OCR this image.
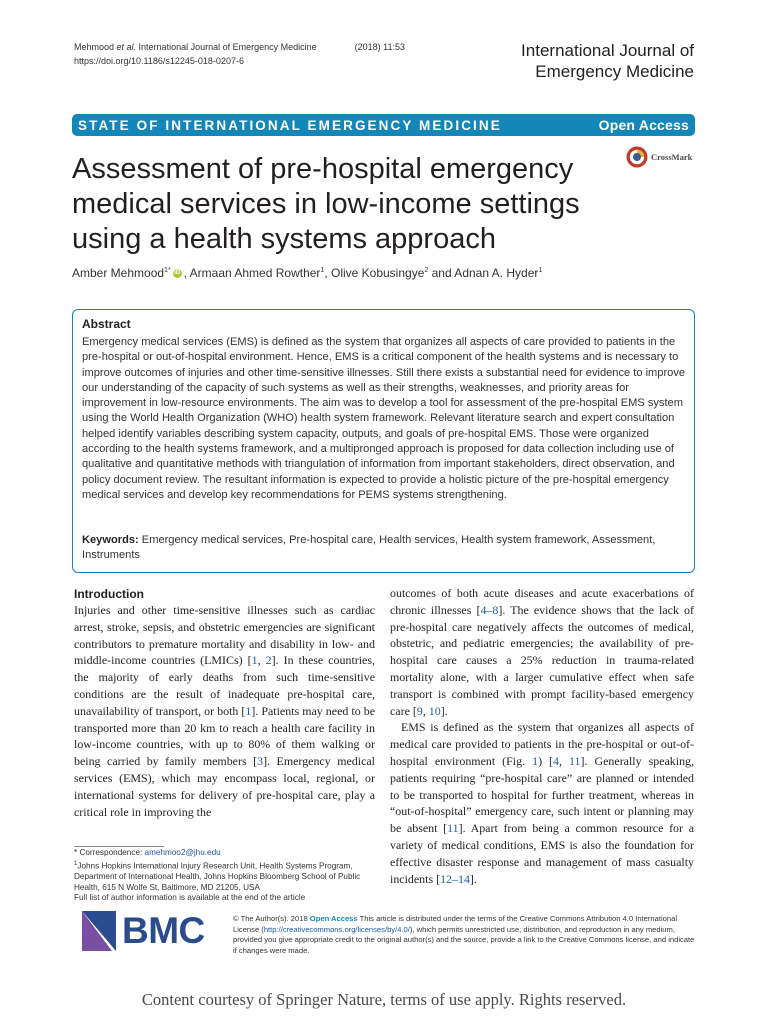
Mehmood et al. International Journal of Emergency Medicine	(2018) 11:53
https://doi.org/10.1186/s12245-018-0207-6
International Journal of
Emergency Medicine
STATE OF INTERNATIONAL EMERGENCY MEDICINE	Open Access
CrossMark
Assessment of pre-hospital emergency medical services in low-income settings using a health systems approach
Amber Mehmood$^{1*}$ iD , Armaan Ahmed Rowther$^1$, Olive Kobusingye$^2$ and Adnan A. Hyder$^1$
Abstract

Emergency medical services (EMS) is defined as the system that organizes all aspects of care provided to patients in the pre-hospital or out-of-hospital environment. Hence, EMS is a critical component of the health systems and is necessary to improve outcomes of injuries and other time-sensitive illnesses. Still there exists a substantial need for evidence to improve our understanding of the capacity of such systems as well as their strengths, weaknesses, and priority areas for improvement in low-resource environments. The aim was to develop a tool for assessment of the pre-hospital EMS system using the World Health Organization (WHO) health system framework. Relevant literature search and expert consultation helped identify variables describing system capacity, outputs, and goals of pre-hospital EMS. Those were organized according to the health systems framework, and a multipronged approach is proposed for data collection including use of qualitative and quantitative methods with triangulation of information from important stakeholders, direct observation, and policy document review. The resultant information is expected to provide a holistic picture of the pre-hospital emergency medical services and develop key recommendations for PEMS systems strengthening.

Keywords: Emergency medical services, Pre-hospital care, Health services, Health system framework, Assessment, Instruments

Introduction

Injuries and other time-sensitive illnesses such as cardiac arrest, stroke, sepsis, and obstetric emergencies are significant contributors to premature mortality and disability in low- and middle-income countries (LMICs) [1, 2]. In these countries, the majority of early deaths from such time-sensitive conditions are the result of inadequate pre-hospital care, unavailability of transport, or both [1]. Patients may need to be transported more than 20 km to reach a health care facility in low-income countries, with up to 80% of them walking or being carried by family members [3]. Emergency medical services (EMS), which may encompass local, regional, or international systems for delivery of pre-hospital care, play a critical role in improving the

outcomes of both acute diseases and acute exacerbations of chronic illnesses [4–8]. The evidence shows that the lack of pre-hospital care negatively affects the outcomes of medical, obstetric, and pediatric emergencies; the availability of pre-hospital care causes a 25% reduction in trauma-related mortality alone, with a larger cumulative effect when safe transport is combined with prompt facility-based emergency care [9, 10].
EMS is defined as the system that organizes all aspects of medical care provided to patients in the pre-hospital or out-of-hospital environment (Fig. 1) [4, 11]. Generally speaking, patients requiring “pre-hospital care” are planned or intended to be transported to hospital for further treatment, whereas in “out-of-hospital” emergency care, such intent or planning may be absent [11]. Apart from being a common resource for a variety of medical conditions, EMS is also the foundation for effective disaster response and management of mass casualty incidents [12–14].

* Correspondence: amehmoo2@jhu.edu

$^1$Johns Hopkins International Injury Research Unit, Health Systems Program, Department of International Health, Johns Hopkins Bloomberg School of Public Health, 615 N Wolfe St, Baltimore, MD 21205, USA

Full list of author information is available at the end of the article

BMC	© The Author(s). 2018 Open Access This article is distributed under the terms of the Creative Commons Attribution 4.0 International License (http://creativecommons.org/licenses/by/4.0/), which permits unrestricted use, distribution, and reproduction in any medium, provided you give appropriate credit to the original author(s) and the source, provide a link to the Creative Commons license, and indicate if changes were made.

Content courtesy of Springer Nature, terms of use apply. Rights reserved.
